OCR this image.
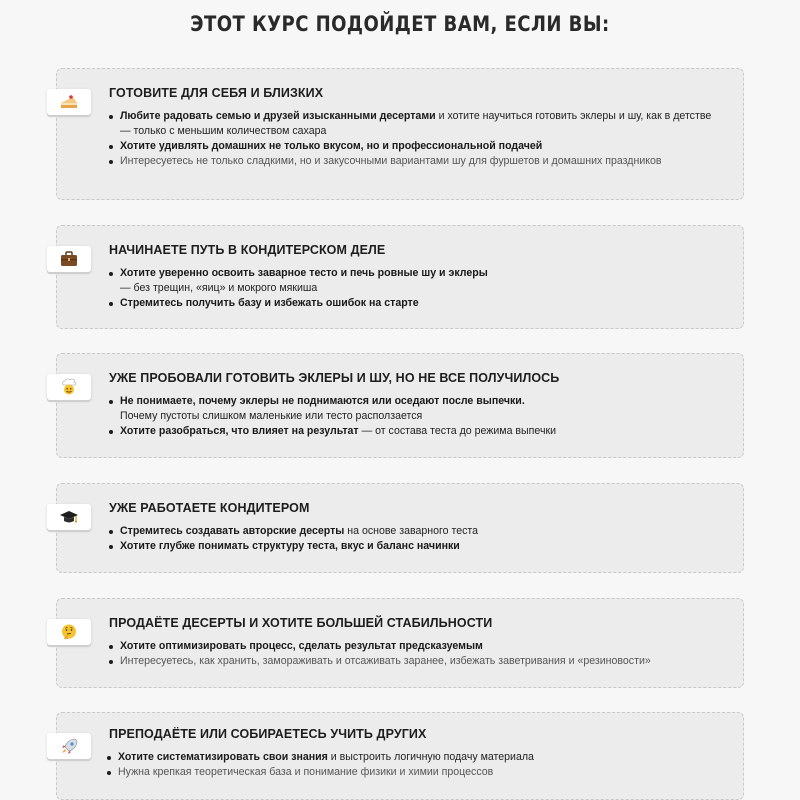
ЭТОТ КУРС ПОДОЙДЕТ ВАМ, ЕСЛИ ВЫ:
ГОТОВИТЕ ДЛЯ СЕБЯ И БЛИЗКИХ
Любите радовать семью и друзей изысканными десертами и хотите научиться готовить эклеры и шу, как в детстве — только с меньшим количеством сахара
Хотите удивлять домашних не только вкусом, но и профессиональной подачей
Интересуетесь не только сладкими, но и закусочными вариантами шу для фуршетов и домашних праздников
НАЧИНАЕТЕ ПУТЬ В КОНДИТЕРСКОМ ДЕЛЕ
Хотите уверенно освоить заварное тесто и печь ровные шу и эклеры
— без трещин, «яиц» и мокрого мякиша
Стремитесь получить базу и избежать ошибок на старте
УЖЕ ПРОБОВАЛИ ГОТОВИТЬ ЭКЛЕРЫ И ШУ, НО НЕ ВСЕ ПОЛУЧИЛОСЬ
Не понимаете, почему эклеры не поднимаются или оседают после выпечки.
Почему пустоты слишком маленькие или тесто расползается
Хотите разобраться, что влияет на результат — от состава теста до режима выпечки
УЖЕ РАБОТАЕТЕ КОНДИТЕРОМ
Стремитесь создавать авторские десерты на основе заварного теста
Хотите глубже понимать структуру теста, вкус и баланс начинки
ПРОДАЁТЕ ДЕСЕРТЫ И ХОТИТЕ БОЛЬШЕЙ СТАБИЛЬНОСТИ
Хотите оптимизировать процесс, сделать результат предсказуемым
Интересуетесь, как хранить, замораживать и отсаживать заранее, избежать заветривания и «резиновости»
ПРЕПОДАЁТЕ ИЛИ СОБИРАЕТЕСЬ УЧИТЬ ДРУГИХ
Хотите систематизировать свои знания и выстроить логичную подачу материала
Нужна крепкая теоретическая база и понимание физики и химии процессов
